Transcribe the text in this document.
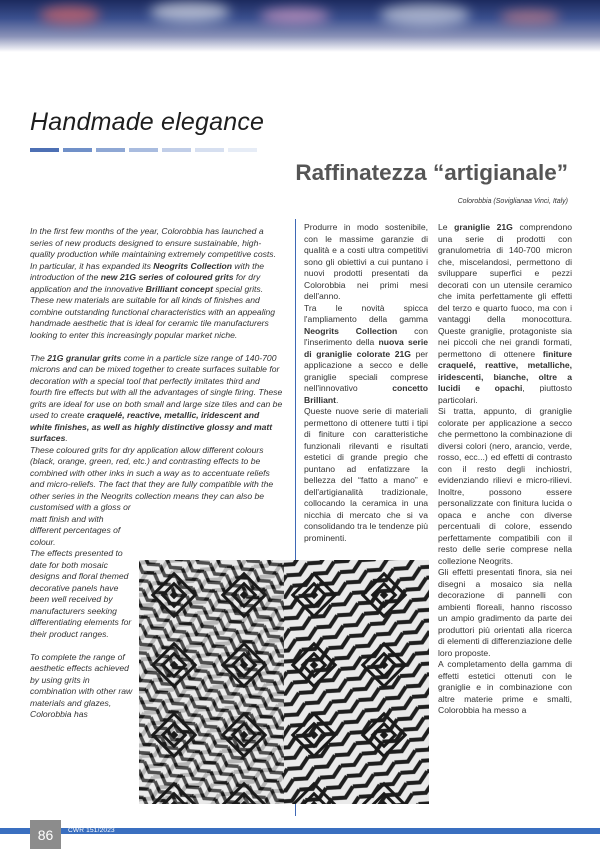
Handmade elegance
Raffinatezza “artigianale”
Colorobbia (Soviglianaa Vinci, Italy)

In the first few months of the year, Colorobbia has launched a series of new products designed to ensure sustainable, high-quality production while maintaining extremely competitive costs.

In particular, it has expanded its Neogrits Collection with the introduction of the new 21G series of coloured grits for dry application and the innovative Brilliant concept special grits.

These new materials are suitable for all kinds of finishes and combine outstanding functional characteristics with an appealing handmade aesthetic that is ideal for ceramic tile manufacturers looking to enter this increasingly popular market niche.

The 21G granular grits come in a particle size range of 140-700 microns and can be mixed together to create surfaces suitable for decoration with a special tool that perfectly imitates third and fourth fire effects but with all the advantages of single firing. These grits are ideal for use on both small and large size tiles and can be used to create craquelé, reactive, metallic, iridescent and white finishes, as well as highly distinctive glossy and matt surfaces.

These coloured grits for dry application allow different colours (black, orange, green, red, etc.) and contrasting effects to be combined with other inks in such a way as to accentuate reliefs and micro-reliefs. The fact that they are fully compatible with the other series in the Neogrits collection means they can also be

customised with a gloss or matt finish and with different percentages of colour.

The effects presented to date for both mosaic designs and floral themed decorative panels have been well received by manufacturers seeking differentiating elements for their product ranges.

To complete the range of aesthetic effects achieved by using grits in combination with other raw materials and glazes, Colorobbia has

Produrre in modo sostenibile, con le massime garanzie di qualità e a costi ultra competitivi sono gli obiettivi a cui puntano i nuovi prodotti presentati da Colorobbia nei primi mesi dell'anno.

Tra le novità spicca l'ampliamento della gamma Neogrits Collection con l'inserimento della nuova serie di graniglie colorate 21G per applicazione a secco e delle graniglie speciali comprese nell'innovativo concetto Brilliant.

Queste nuove serie di materiali permettono di ottenere tutti i tipi di finiture con caratteristiche funzionali rilevanti e risultati estetici di grande pregio che puntano ad enfatizzare la bellezza del “fatto a mano” e dell'artigianalità tradizionale, collocando la ceramica in una nicchia di mercato che si va consolidando tra le tendenze più prominenti.

Le graniglie 21G comprendono una serie di prodotti con granulometria di 140-700 micron che, miscelandosi, permettono di sviluppare superfici e pezzi decorati con un utensile ceramico che imita perfettamente gli effetti del terzo e quarto fuoco, ma con i vantaggi della monocottura. Queste graniglie, protagoniste sia nei piccoli che nei grandi formati, permettono di ottenere finiture craquelé, reattive, metalliche, iridescenti, bianche, oltre a lucidi e opachi, piuttosto particolari.

Si tratta, appunto, di graniglie colorate per applicazione a secco che permettono la combinazione di diversi colori (nero, arancio, verde, rosso, ecc...) ed effetti di contrasto con il resto degli inchiostri, evidenziando rilievi e micro-rilievi. Inoltre, possono essere personalizzate con finitura lucida o opaca e anche con diverse percentuali di colore, essendo perfettamente compatibili con il resto delle serie comprese nella collezione Neogrits.

Gli effetti presentati finora, sia nei disegni a mosaico sia nella decorazione di pannelli con ambienti floreali, hanno riscosso un ampio gradimento da parte dei produttori più orientati alla ricerca di elementi di differenziazione delle loro proposte.

A completamento della gamma di effetti estetici ottenuti con le graniglie e in combinazione con altre materie prime e smalti, Colorobbia ha messo a

86	CWR 151/2023
